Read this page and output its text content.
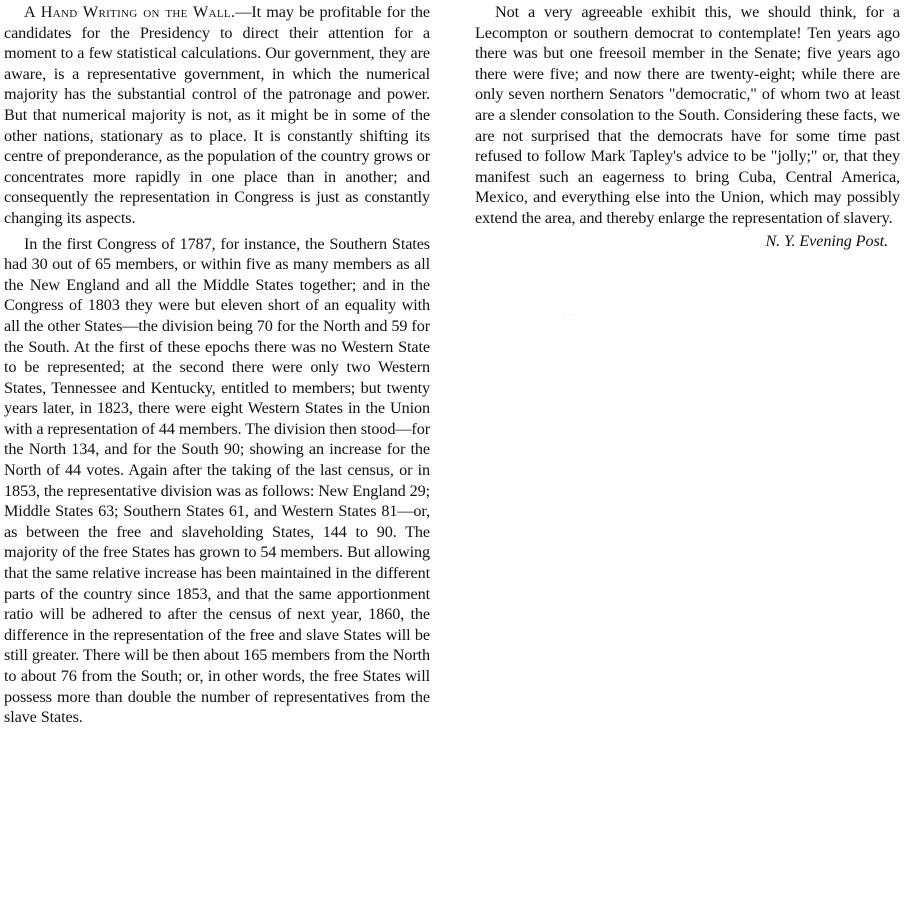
A Hand Writing on the Wall.—It may be profitable for the candidates for the Presidency to direct their attention for a moment to a few statistical calculations. Our government, they are aware, is a representative government, in which the numerical majority has the substantial control of the patronage and power. But that numerical majority is not, as it might be in some of the other nations, stationary as to place. It is constantly shifting its centre of preponderance, as the population of the country grows or concentrates more rapidly in one place than in another; and consequently the representation in Congress is just as constantly changing its aspects.

In the first Congress of 1787, for instance, the Southern States had 30 out of 65 members, or within five as many members as all the New England and all the Middle States together; and in the Congress of 1803 they were but eleven short of an equality with all the other States—the division being 70 for the North and 59 for the South. At the first of these epochs there was no Western State to be represented; at the second there were only two Western States, Tennessee and Kentucky, entitled to members; but twenty years later, in 1823, there were eight Western States in the Union with a representation of 44 members. The division then stood—for the North 134, and for the South 90; showing an increase for the North of 44 votes. Again after the taking of the last census, or in 1853, the representative division was as follows: New England 29; Middle States 63; Southern States 61, and Western States 81—or, as between the free and slaveholding States, 144 to 90. The majority of the free States has grown to 54 members. But allowing that the same relative increase has been maintained in the different parts of the country since 1853, and that the same apportionment ratio will be adhered to after the census of next year, 1860, the difference in the representation of the free and slave States will be still greater. There will be then about 165 members from the North to about 76 from the South; or, in other words, the free States will possess more than double the number of representatives from the slave States.

Not a very agreeable exhibit this, we should think, for a Lecompton or southern democrat to contemplate! Ten years ago there was but one freesoil member in the Senate; five years ago there were five; and now there are twenty-eight; while there are only seven northern Senators "democratic," of whom two at least are a slender consolation to the South. Considering these facts, we are not surprised that the democrats have for some time past refused to follow Mark Tapley's advice to be "jolly;" or, that they manifest such an eagerness to bring Cuba, Central America, Mexico, and everything else into the Union, which may possibly extend the area, and thereby enlarge the representation of slavery.

N. Y. Evening Post.

. . . .
